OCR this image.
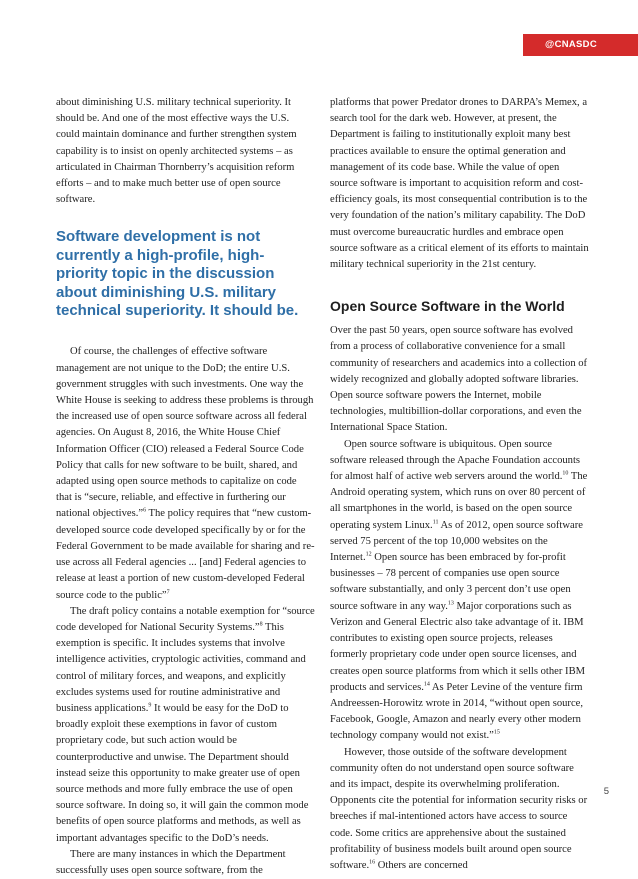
@CNASDC

about diminishing U.S. military technical superiority. It should be. And one of the most effective ways the U.S. could maintain dominance and further strengthen system capability is to insist on openly architected systems – as articulated in Chairman Thornberry’s acquisition reform efforts – and to make much better use of open source software.

Software development is not currently a high-profile, high-priority topic in the discussion about diminishing U.S. military technical superiority. It should be.

Of course, the challenges of effective software management are not unique to the DoD; the entire U.S. government struggles with such investments. One way the White House is seeking to address these problems is through the increased use of open source software across all federal agencies. On August 8, 2016, the White House Chief Information Officer (CIO) released a Federal Source Code Policy that calls for new software to be built, shared, and adapted using open source methods to capitalize on code that is “secure, reliable, and effective in furthering our national objectives.”$^6$ The policy requires that “new custom-developed source code developed specifically by or for the Federal Government to be made available for sharing and re-use across all Federal agencies ... [and] Federal agencies to release at least a portion of new custom-developed Federal source code to the public”$^7$

The draft policy contains a notable exemption for “source code developed for National Security Systems.”$^8$ This exemption is specific. It includes systems that involve intelligence activities, cryptologic activities, command and control of military forces, and weapons, and explicitly excludes systems used for routine administrative and business applications.$^9$ It would be easy for the DoD to broadly exploit these exemptions in favor of custom proprietary code, but such action would be counterproductive and unwise. The Department should instead seize this opportunity to make greater use of open source methods and more fully embrace the use of open source software. In doing so, it will gain the common mode benefits of open source platforms and methods, as well as important advantages specific to the DoD’s needs.

There are many instances in which the Department successfully uses open source software, from the

platforms that power Predator drones to DARPA’s Memex, a search tool for the dark web. However, at present, the Department is failing to institutionally exploit many best practices available to ensure the optimal generation and management of its code base. While the value of open source software is important to acquisition reform and cost-efficiency goals, its most consequential contribution is to the very foundation of the nation’s military capability. The DoD must overcome bureaucratic hurdles and embrace open source software as a critical element of its efforts to maintain military technical superiority in the 21st century.

Open Source Software in the World

Over the past 50 years, open source software has evolved from a process of collaborative convenience for a small community of researchers and academics into a collection of widely recognized and globally adopted software libraries. Open source software powers the Internet, mobile technologies, multibillion-dollar corporations, and even the International Space Station.

Open source software is ubiquitous. Open source software released through the Apache Foundation accounts for almost half of active web servers around the world.$^{10}$ The Android operating system, which runs on over 80 percent of all smartphones in the world, is based on the open source operating system Linux.$^{11}$ As of 2012, open source software served 75 percent of the top 10,000 websites on the Internet.$^{12}$ Open source has been embraced by for-profit businesses – 78 percent of companies use open source software substantially, and only 3 percent don’t use open source software in any way.$^{13}$ Major corporations such as Verizon and General Electric also take advantage of it. IBM contributes to existing open source projects, releases formerly proprietary code under open source licenses, and creates open source platforms from which it sells other IBM products and services.$^{14}$ As Peter Levine of the venture firm Andreessen-Horowitz wrote in 2014, “without open source, Facebook, Google, Amazon and nearly every other modern technology company would not exist.”$^{15}$

However, those outside of the software development community often do not understand open source software and its impact, despite its overwhelming proliferation. Opponents cite the potential for information security risks or breeches if mal-intentioned actors have access to source code. Some critics are apprehensive about the sustained profitability of business models built around open source software.$^{16}$ Others are concerned

5
